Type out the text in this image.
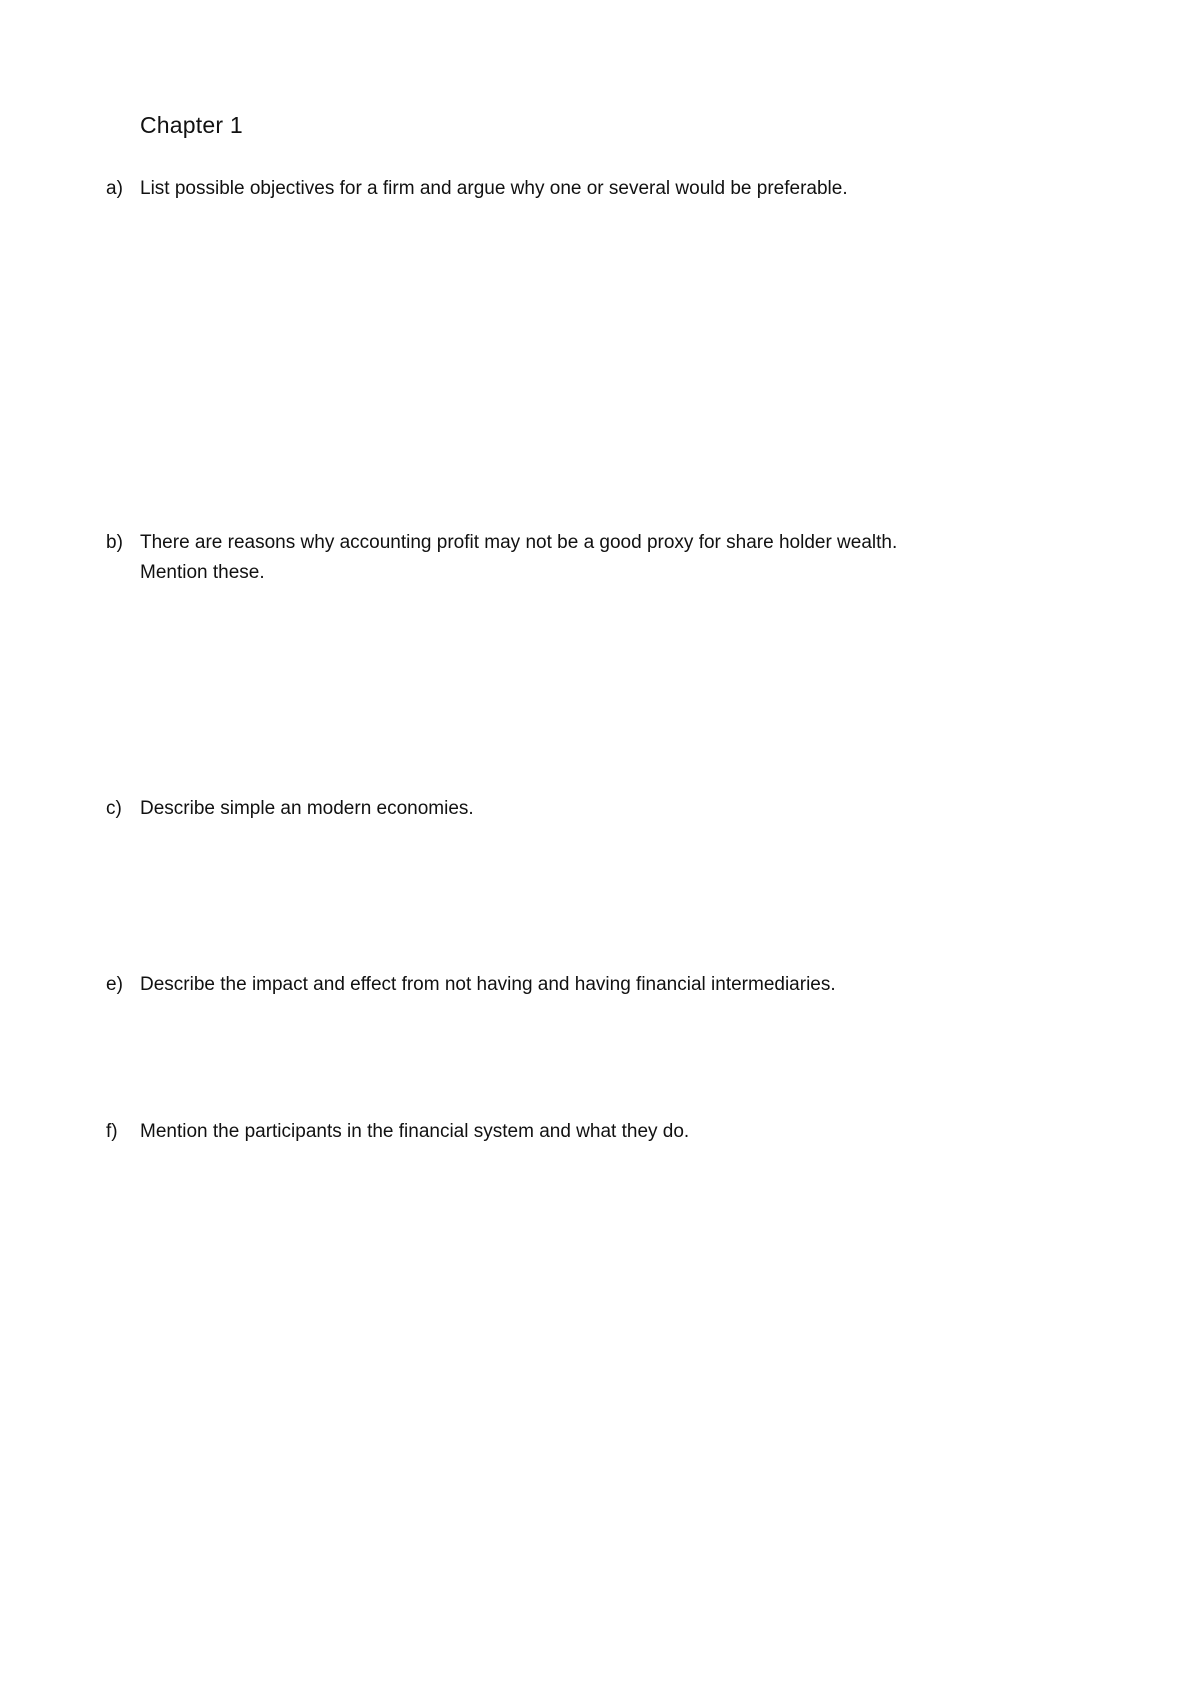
Chapter 1
a) List possible objectives for a firm and argue why one or several would be preferable.
b) There are reasons why accounting profit may not be a good proxy for share holder wealth. Mention these.
c) Describe simple an modern economies.
e) Describe the impact and effect from not having and having financial intermediaries.
f)	Mention the participants in the financial system and what they do.
